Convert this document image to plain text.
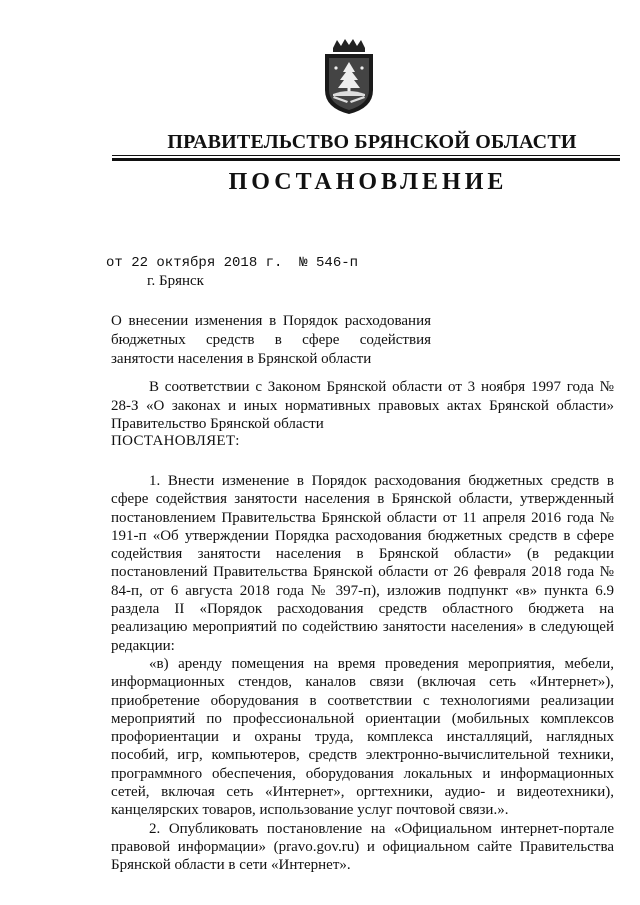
ПРАВИТЕЛЬСТВО БРЯНСКОЙ ОБЛАСТИ
ПОСТАНОВЛЕНИЕ
от 22 октября 2018 г.  № 546-п
г. Брянск
О внесении изменения в Порядок расходования бюджетных средств в сфере содействия занятости населения в Брянской области

В соответствии с Законом Брянской области от 3 ноября 1997 года № 28-З «О законах и иных нормативных правовых актах Брянской области» Правительство Брянской области

ПОСТАНОВЛЯЕТ:

1. Внести изменение в Порядок расходования бюджетных средств в сфере содействия занятости населения в Брянской области, утвержденный постановлением Правительства Брянской области от 11 апреля 2016 года № 191-п «Об утверждении Порядка расходования бюджетных средств в сфере содействия занятости населения в Брянской области» (в редакции постановлений Правительства Брянской области от 26 февраля 2018 года № 84-п, от 6 августа 2018 года № 397-п), изложив подпункт «в» пункта 6.9 раздела II «Порядок расходования средств областного бюджета на реализацию мероприятий по содействию занятости населения» в следующей редакции:

«в) аренду помещения на время проведения мероприятия, мебели, информационных стендов, каналов связи (включая сеть «Интернет»), приобретение оборудования в соответствии с технологиями реализации мероприятий по профессиональной ориентации (мобильных комплексов профориентации и охраны труда, комплекса инсталляций, наглядных пособий, игр, компьютеров, средств электронно-вычислительной техники, программного обеспечения, оборудования локальных и информационных сетей, включая сеть «Интернет», оргтехники, аудио- и видеотехники), канцелярских товаров, использование услуг почтовой связи.».

2. Опубликовать постановление на «Официальном интернет-портале правовой информации» (pravo.gov.ru) и официальном сайте Правительства Брянской области в сети «Интернет».
